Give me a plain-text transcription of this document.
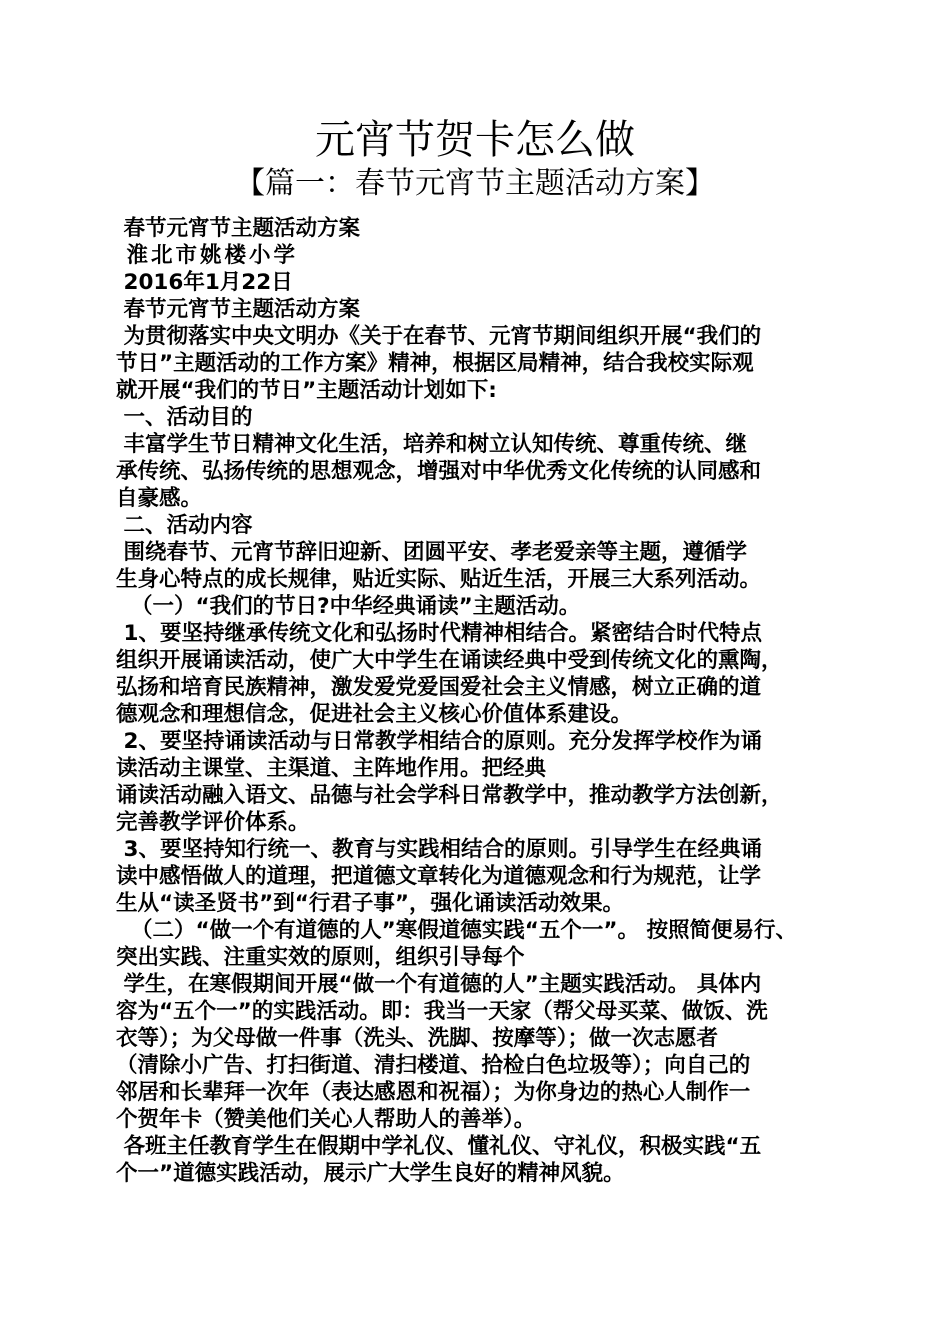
元宵节贺卡怎么做
【篇一：春节元宵节主题活动方案】
春节元宵节主题活动方案
淮北市姚楼小学
2016年1月22日
春节元宵节主题活动方案
为贯彻落实中央文明办《关于在春节、元宵节期间组织开展“我们的
节日”主题活动的工作方案》精神，根据区局精神，结合我校实际观
就开展“我们的节日”主题活动计划如下:
一、活动目的
丰富学生节日精神文化生活，培养和树立认知传统、尊重传统、继
承传统、弘扬传统的思想观念，增强对中华优秀文化传统的认同感和
自豪感。
二、活动内容
围绕春节、元宵节辞旧迎新、团圆平安、孝老爱亲等主题，遵循学
生身心特点的成长规律，贴近实际、贴近生活，开展三大系列活动。
（一）“我们的节日?中华经典诵读”主题活动。
1、要坚持继承传统文化和弘扬时代精神相结合。紧密结合时代特点
组织开展诵读活动，使广大中学生在诵读经典中受到传统文化的熏陶，
弘扬和培育民族精神，激发爱党爱国爱社会主义情感，树立正确的道
德观念和理想信念，促进社会主义核心价值体系建设。
2、要坚持诵读活动与日常教学相结合的原则。充分发挥学校作为诵
读活动主课堂、主渠道、主阵地作用。把经典
诵读活动融入语文、品德与社会学科日常教学中，推动教学方法创新，
完善教学评价体系。
3、要坚持知行统一、教育与实践相结合的原则。引导学生在经典诵
读中感悟做人的道理，把道德文章转化为道德观念和行为规范，让学
生从“读圣贤书”到“行君子事”，强化诵读活动效果。
（二）“做一个有道德的人”寒假道德实践“五个一”。 按照简便易行、
突出实践、注重实效的原则，组织引导每个
学生，在寒假期间开展“做一个有道德的人”主题实践活动。 具体内
容为“五个一”的实践活动。即：我当一天家（帮父母买菜、做饭、洗
衣等）；为父母做一件事（洗头、洗脚、按摩等）；做一次志愿者
（清除小广告、打扫街道、清扫楼道、拾检白色垃圾等）；向自己的
邻居和长辈拜一次年（表达感恩和祝福）；为你身边的热心人制作一
个贺年卡（赞美他们关心人帮助人的善举）。
各班主任教育学生在假期中学礼仪、懂礼仪、守礼仪，积极实践“五
个一”道德实践活动，展示广大学生良好的精神风貌。
